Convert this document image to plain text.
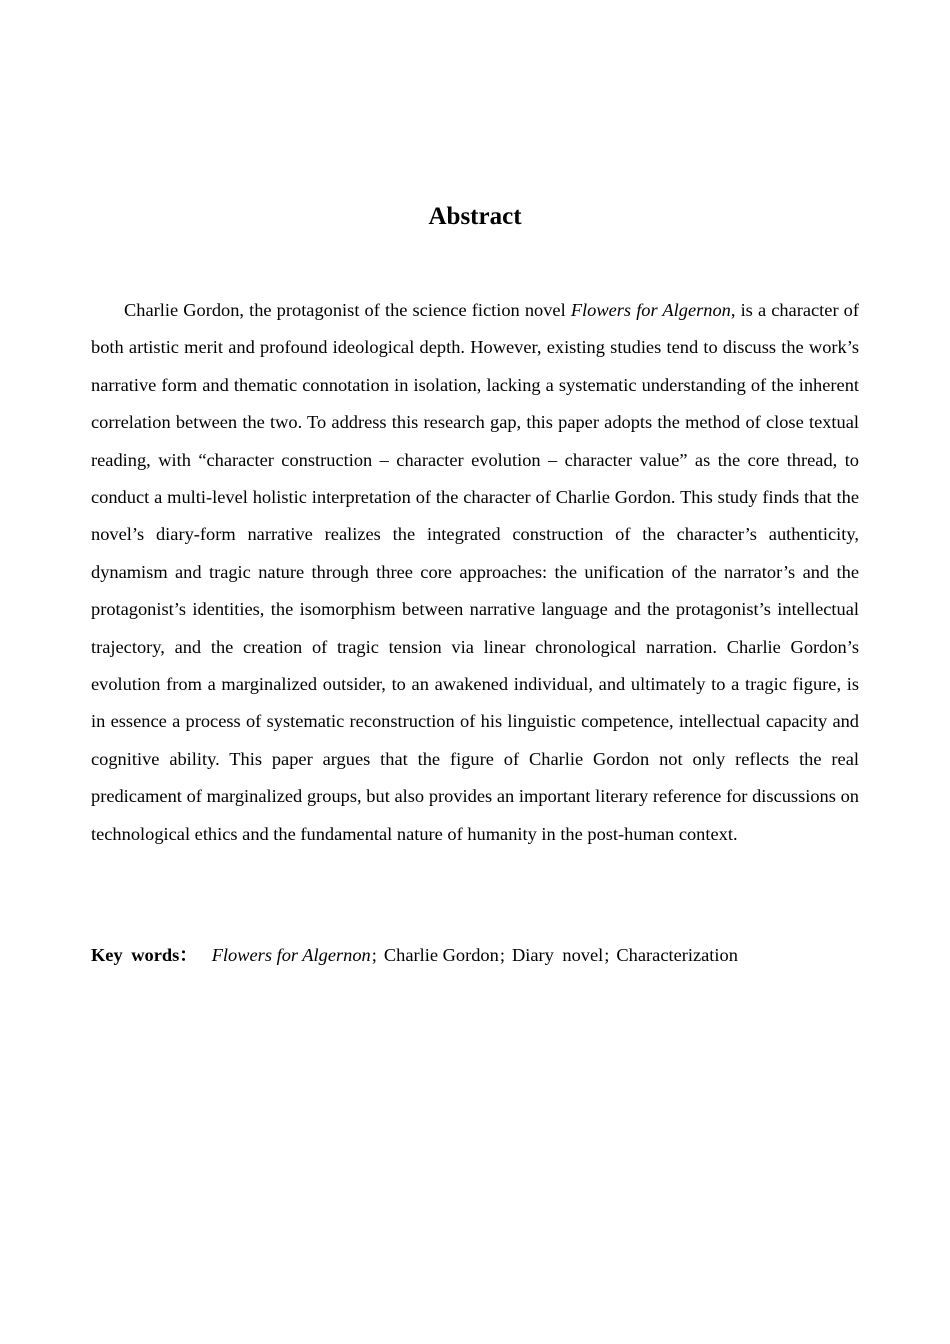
Abstract

Charlie Gordon, the protagonist of the science fiction novel Flowers for Algernon, is a character of both artistic merit and profound ideological depth. However, existing studies tend to discuss the work’s narrative form and thematic connotation in isolation, lacking a systematic understanding of the inherent correlation between the two. To address this research gap, this paper adopts the method of close textual reading, with “character construction – character evolution – character value” as the core thread, to conduct a multi-level holistic interpretation of the character of Charlie Gordon. This study finds that the novel’s diary-form narrative realizes the integrated construction of the character’s authenticity, dynamism and tragic nature through three core approaches: the unification of the narrator’s and the protagonist’s identities, the isomorphism between narrative language and the protagonist’s intellectual trajectory, and the creation of tragic tension via linear chronological narration. Charlie Gordon’s evolution from a marginalized outsider, to an awakened individual, and ultimately to a tragic figure, is in essence a process of systematic reconstruction of his linguistic competence, intellectual capacity and cognitive ability. This paper argues that the figure of Charlie Gordon not only reflects the real predicament of marginalized groups, but also provides an important literary reference for discussions on technological ethics and the fundamental nature of humanity in the post-human context.

Key words： Flowers for Algernon; Charlie Gordon; Diary novel; Characterization
